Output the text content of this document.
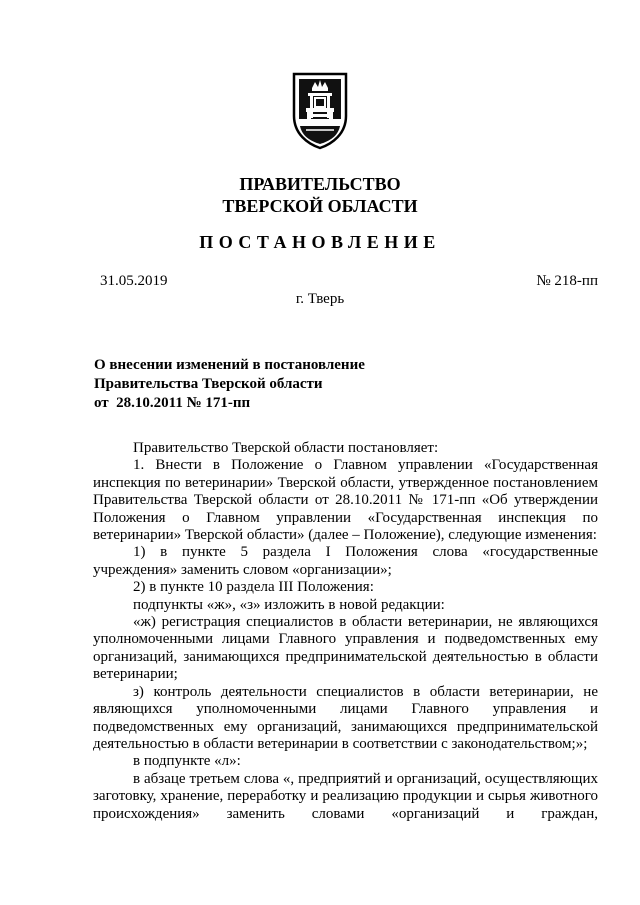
ПРАВИТЕЛЬСТВО
ТВЕРСКОЙ ОБЛАСТИ
ПОСТАНОВЛЕНИЕ
31.05.2019	№ 218-пп
г. Тверь
О внесении изменений в постановление
Правительства Тверской области
от  28.10.2011 № 171-пп

Правительство Тверской области постановляет:

1. Внести в Положение о Главном управлении «Государственная инспекция по ветеринарии» Тверской области, утвержденное постановлением Правительства Тверской области от 28.10.2011 № 171-пп «Об утверждении Положения о Главном управлении «Государственная инспекция по ветеринарии» Тверской области» (далее – Положение), следующие изменения:

1) в пункте 5 раздела I Положения слова «государственные учреждения» заменить словом «организации»;

2) в пункте 10 раздела III Положения:

подпункты «ж», «з» изложить в новой редакции:

«ж) регистрация специалистов в области ветеринарии, не являющихся уполномоченными лицами Главного управления и подведомственных ему организаций, занимающихся предпринимательской деятельностью в области ветеринарии;

з) контроль деятельности специалистов в области ветеринарии, не являющихся уполномоченными лицами Главного управления и подведомственных ему организаций, занимающихся предпринимательской деятельностью в области ветеринарии в соответствии с законодательством;»;

в подпункте «л»:

в абзаце третьем слова «, предприятий и организаций, осуществляющих заготовку, хранение, переработку и реализацию продукции и сырья животного происхождения» заменить словами «организаций и граждан,
